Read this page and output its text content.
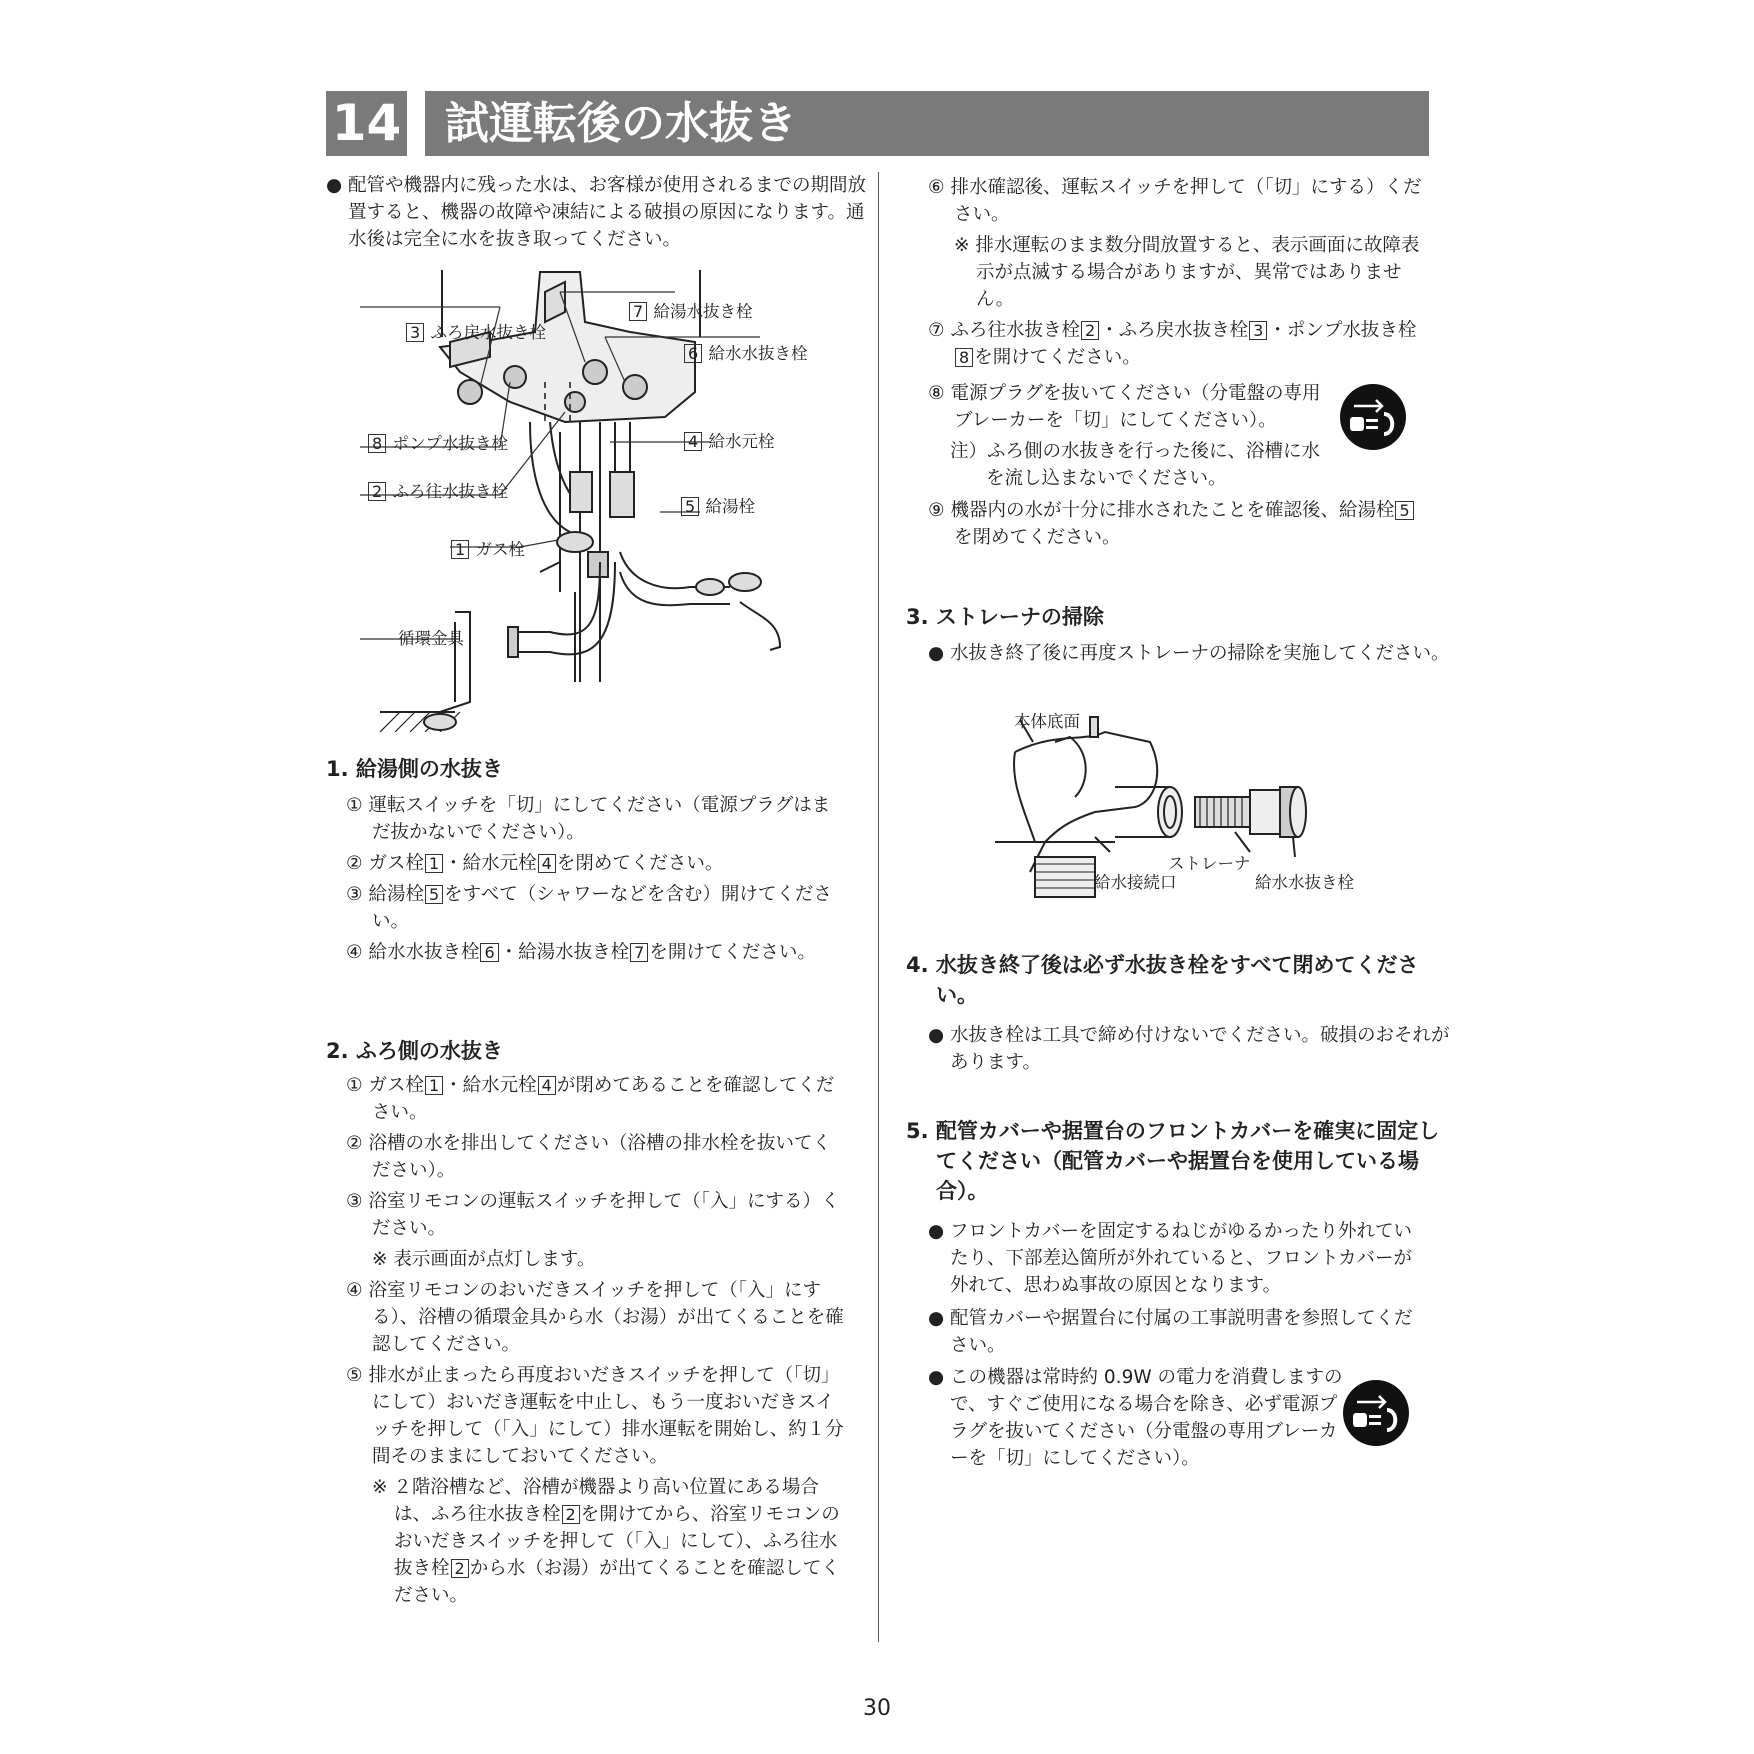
14 試運転後の水抜き
● 配管や機器内に残った水は、お客様が使用されるまでの期間放置すると、機器の故障や凍結による破損の原因になります。通水後は完全に水を抜き取ってください。
3 ふろ戻水抜き栓
7 給湯水抜き栓
6 給水水抜き栓
8 ポンプ水抜き栓	4 給水元栓
2 ふろ往水抜き栓
5 給湯栓
1 ガス栓
循環金具
1. 給湯側の水抜き
① 運転スイッチを「切」にしてください（電源プラグはまだ抜かないでください）。
② ガス栓 1 ・給水元栓 4 を閉めてください。
③ 給湯栓 5 をすべて（シャワーなどを含む）開けてください。
④ 給水水抜き栓 6 ・給湯水抜き栓 7 を開けてください。
2. ふろ側の水抜き
① ガス栓 1 ・給水元栓 4 が閉めてあることを確認してください。
② 浴槽の水を排出してください（浴槽の排水栓を抜いてください）。
③ 浴室リモコンの運転スイッチを押して（「入」にする）ください。
※ 表示画面が点灯します。
④ 浴室リモコンのおいだきスイッチを押して（「入」にする）、浴槽の循環金具から水（お湯）が出てくることを確認してください。
⑤ 排水が止まったら再度おいだきスイッチを押して（「切」にして）おいだき運転を中止し、もう一度おいだきスイッチを押して（「入」にして）排水運転を開始し、約１分間そのままにしておいてください。
※ ２階浴槽など、浴槽が機器より高い位置にある場合は、ふろ往水抜き栓 2 を開けてから、浴室リモコンのおいだきスイッチを押して（「入」にして）、ふろ往水抜き栓 2 から水（お湯）が出てくることを確認してください。
⑥ 排水確認後、運転スイッチを押して（「切」にする）ください。
※ 排水運転のまま数分間放置すると、表示画面に故障表示が点滅する場合がありますが、異常ではありません。
⑦ ふろ往水抜き栓 2 ・ふろ戻水抜き栓 3 ・ポンプ水抜き栓8 を開けてください。
⑧ 電源プラグを抜いてください（分電盤の専用ブレーカーを「切」にしてください）。
注）ふろ側の水抜きを行った後に、浴槽に水を流し込まないでください。
⑨ 機器内の水が十分に排水されたことを確認後、給湯栓 5を閉めてください。
3. ストレーナの掃除
● 水抜き終了後に再度ストレーナの掃除を実施してください。
本体底面
ストレーナ
給水接続口	給水水抜き栓
4. 水抜き終了後は必ず水抜き栓をすべて閉めてください。
● 水抜き栓は工具で締め付けないでください。破損のおそれがあります。
5. 配管カバーや据置台のフロントカバーを確実に固定してください（配管カバーや据置台を使用している場合）。
● フロントカバーを固定するねじがゆるかったり外れていたり、下部差込箇所が外れていると、フロントカバーが外れて、思わぬ事故の原因となります。
● 配管カバーや据置台に付属の工事説明書を参照してください。
● この機器は常時約 0.9W の電力を消費しますので、すぐご使用になる場合を除き、必ず電源プラグを抜いてください（分電盤の専用ブレーカーを「切」にしてください）。
30
